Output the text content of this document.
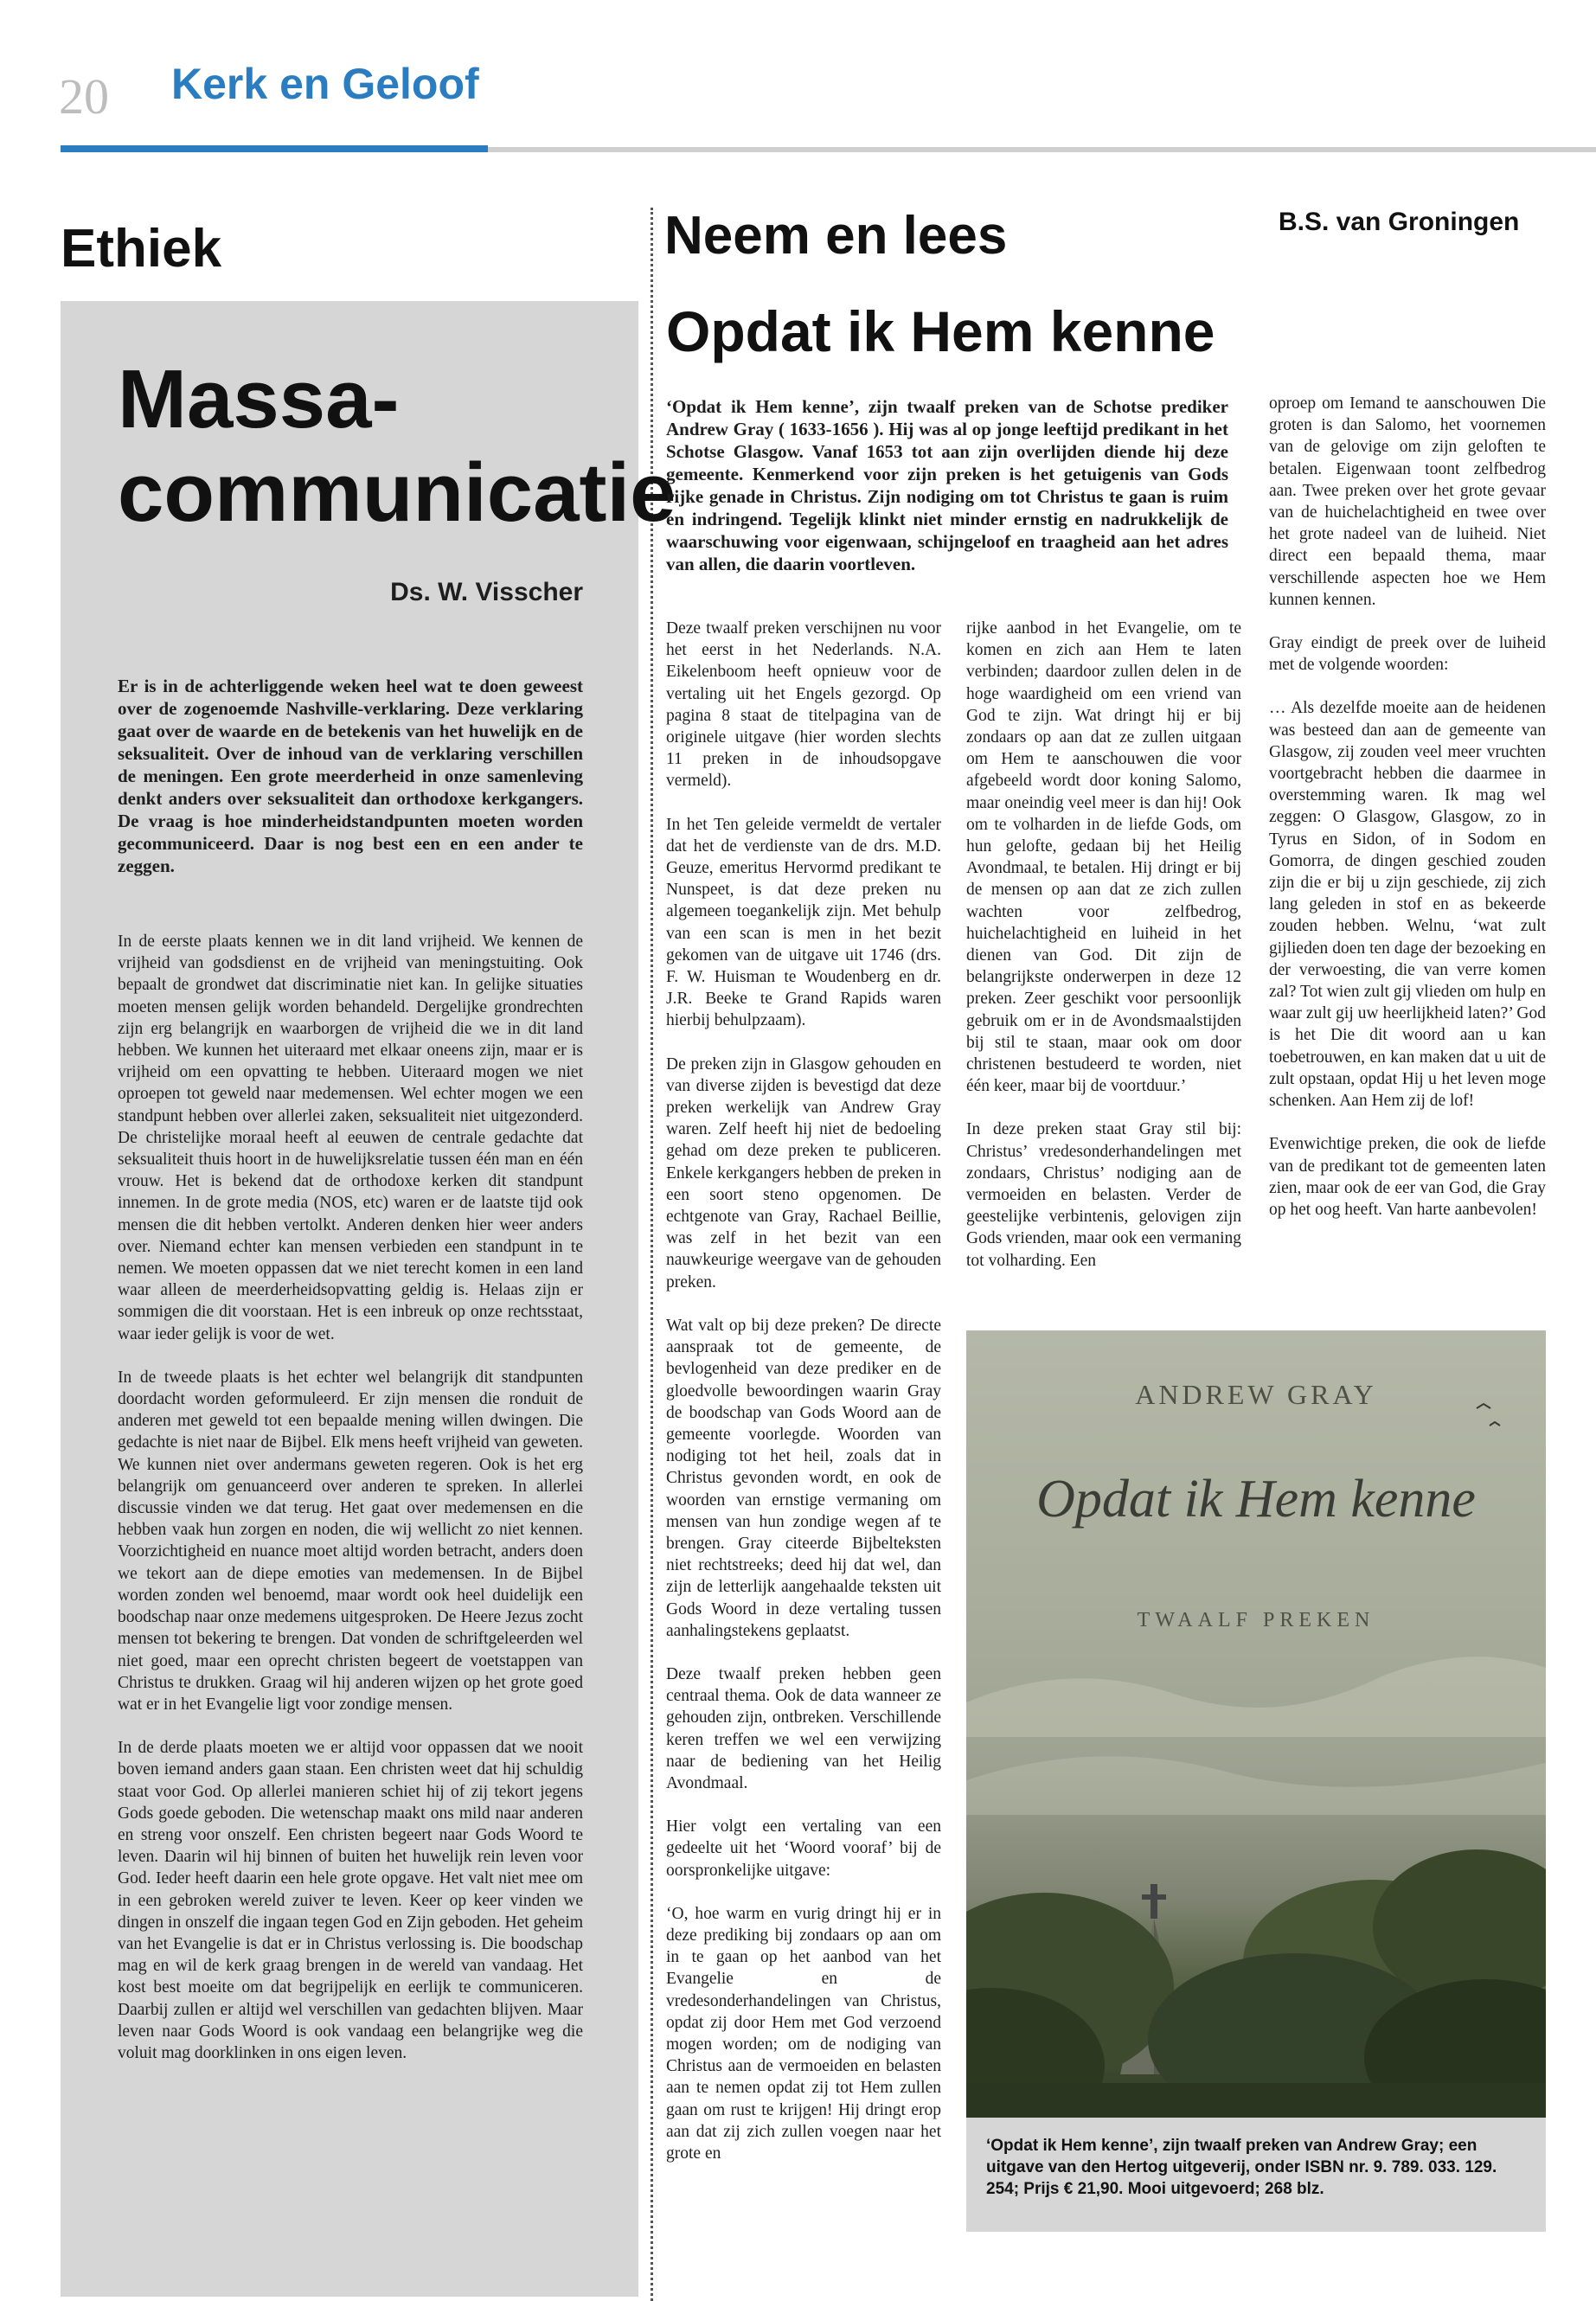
20 Kerk en Geloof
Ethiek
Massa-
communicatie
Ds. W. Visscher
Er is in de achterliggende weken heel wat te doen geweest over de zogenoemde Nashville-verklaring. Deze verklaring gaat over de waarde en de betekenis van het huwelijk en de seksualiteit. Over de inhoud van de verklaring verschillen de meningen. Een grote meerderheid in onze samenleving denkt anders over seksualiteit dan orthodoxe kerkgangers. De vraag is hoe minderheidstandpunten moeten worden gecommuniceerd. Daar is nog best een en een ander te zeggen.

In de eerste plaats kennen we in dit land vrijheid. We kennen de vrijheid van godsdienst en de vrijheid van meningstuiting. Ook bepaalt de grondwet dat discriminatie niet kan. In gelijke situaties moeten mensen gelijk worden behandeld. Dergelijke grondrechten zijn erg belangrijk en waarborgen de vrijheid die we in dit land hebben. We kunnen het uiteraard met elkaar oneens zijn, maar er is vrijheid om een opvatting te hebben. Uiteraard mogen we niet oproepen tot geweld naar medemensen. Wel echter mogen we een standpunt hebben over allerlei zaken, seksualiteit niet uitgezonderd. De christelijke moraal heeft al eeuwen de centrale gedachte dat seksualiteit thuis hoort in de huwelijksrelatie tussen één man en één vrouw. Het is bekend dat de orthodoxe kerken dit standpunt innemen. In de grote media (NOS, etc) waren er de laatste tijd ook mensen die dit hebben vertolkt. Anderen denken hier weer anders over. Niemand echter kan mensen verbieden een standpunt in te nemen. We moeten oppassen dat we niet terecht komen in een land waar alleen de meerderheidsopvatting geldig is. Helaas zijn er sommigen die dit voorstaan. Het is een inbreuk op onze rechtsstaat, waar ieder gelijk is voor de wet.

In de tweede plaats is het echter wel belangrijk dit standpunten doordacht worden geformuleerd. Er zijn mensen die ronduit de anderen met geweld tot een bepaalde mening willen dwingen. Die gedachte is niet naar de Bijbel. Elk mens heeft vrijheid van geweten. We kunnen niet over andermans geweten regeren. Ook is het erg belangrijk om genuanceerd over anderen te spreken. In allerlei discussie vinden we dat terug. Het gaat over medemensen en die hebben vaak hun zorgen en noden, die wij wellicht zo niet kennen. Voorzichtigheid en nuance moet altijd worden betracht, anders doen we tekort aan de diepe emoties van medemensen. In de Bijbel worden zonden wel benoemd, maar wordt ook heel duidelijk een boodschap naar onze medemens uitgesproken. De Heere Jezus zocht mensen tot bekering te brengen. Dat vonden de schriftgeleerden wel niet goed, maar een oprecht christen begeert de voetstappen van Christus te drukken. Graag wil hij anderen wijzen op het grote goed wat er in het Evangelie ligt voor zondige mensen.

In de derde plaats moeten we er altijd voor oppassen dat we nooit boven iemand anders gaan staan. Een christen weet dat hij schuldig staat voor God. Op allerlei manieren schiet hij of zij tekort jegens Gods goede geboden. Die wetenschap maakt ons mild naar anderen en streng voor onszelf. Een christen begeert naar Gods Woord te leven. Daarin wil hij binnen of buiten het huwelijk rein leven voor God. Ieder heeft daarin een hele grote opgave. Het valt niet mee om in een gebroken wereld zuiver te leven. Keer op keer vinden we dingen in onszelf die ingaan tegen God en Zijn geboden. Het geheim van het Evangelie is dat er in Christus verlossing is. Die boodschap mag en wil de kerk graag brengen in de wereld van vandaag. Het kost best moeite om dat begrijpelijk en eerlijk te communiceren. Daarbij zullen er altijd wel verschillen van gedachten blijven. Maar leven naar Gods Woord is ook vandaag een belangrijke weg die voluit mag doorklinken in ons eigen leven.

Neem en lees	B.S. van Groningen
Opdat ik Hem kenne
‘Opdat ik Hem kenne’, zijn twaalf preken van de Schotse prediker Andrew Gray ( 1633-1656 ). Hij was al op jonge leeftijd predikant in het Schotse Glasgow. Vanaf 1653 tot aan zijn overlijden diende hij deze gemeente. Kenmerkend voor zijn preken is het getuigenis van Gods rijke genade in Christus. Zijn nodiging om tot Christus te gaan is ruim en indringend. Tegelijk klinkt niet minder ernstig en nadrukkelijk de waarschuwing voor eigenwaan, schijngeloof en traagheid aan het adres van allen, die daarin voortleven.

Deze twaalf preken verschijnen nu voor het eerst in het Nederlands. N.A. Eikelenboom heeft opnieuw voor de vertaling uit het Engels gezorgd. Op pagina 8 staat de titelpagina van de originele uitgave (hier worden slechts 11 preken in de inhoudsopgave vermeld).

In het Ten geleide vermeldt de vertaler dat het de verdienste van de drs. M.D. Geuze, emeritus Hervormd predikant te Nunspeet, is dat deze preken nu algemeen toegankelijk zijn. Met behulp van een scan is men in het bezit gekomen van de uitgave uit 1746 (drs. F. W. Huisman te Woudenberg en dr. J.R. Beeke te Grand Rapids waren hierbij behulpzaam).

De preken zijn in Glasgow gehouden en van diverse zijden is bevestigd dat deze preken werkelijk van Andrew Gray waren. Zelf heeft hij niet de bedoeling gehad om deze preken te publiceren. Enkele kerkgangers hebben de preken in een soort steno opgenomen. De echtgenote van Gray, Rachael Beillie, was zelf in het bezit van een nauwkeurige weergave van de gehouden preken.

Wat valt op bij deze preken? De directe aanspraak tot de gemeente, de bevlogenheid van deze prediker en de gloedvolle bewoordingen waarin Gray de boodschap van Gods Woord aan de gemeente voorlegde. Woorden van nodiging tot het heil, zoals dat in Christus gevonden wordt, en ook de woorden van ernstige vermaning om mensen van hun zondige wegen af te brengen. Gray citeerde Bijbelteksten niet rechtstreeks; deed hij dat wel, dan zijn de letterlijk aangehaalde teksten uit Gods Woord in deze vertaling tussen aanhalingstekens geplaatst.

Deze twaalf preken hebben geen centraal thema. Ook de data wanneer ze gehouden zijn, ontbreken. Verschillende keren treffen we wel een verwijzing naar de bediening van het Heilig Avondmaal.

Hier volgt een vertaling van een gedeelte uit het ‘Woord vooraf’ bij de oorspronkelijke uitgave:

‘O, hoe warm en vurig dringt hij er in deze prediking bij zondaars op aan om in te gaan op het aanbod van het Evangelie en de vredesonderhandelingen van Christus, opdat zij door Hem met God verzoend mogen worden; om de nodiging van Christus aan de vermoeiden en belasten aan te nemen opdat zij tot Hem zullen gaan om rust te krijgen! Hij dringt erop aan dat zij zich zullen voegen naar het grote en

rijke aanbod in het Evangelie, om te komen en zich aan Hem te laten verbinden; daardoor zullen delen in de hoge waardigheid om een vriend van God te zijn. Wat dringt hij er bij zondaars op aan dat ze zullen uitgaan om Hem te aanschouwen die voor afgebeeld wordt door koning Salomo, maar oneindig veel meer is dan hij! Ook om te volharden in de liefde Gods, om hun gelofte, gedaan bij het Heilig Avondmaal, te betalen. Hij dringt er bij de mensen op aan dat ze zich zullen wachten voor zelfbedrog, huichelachtigheid en luiheid in het dienen van God. Dit zijn de belangrijkste onderwerpen in deze 12 preken. Zeer geschikt voor persoonlijk gebruik om er in de Avondsmaalstijden bij stil te staan, maar ook om door christenen bestudeerd te worden, niet één keer, maar bij de voortduur.’

In deze preken staat Gray stil bij: Christus’ vredesonderhandelingen met zondaars, Christus’ nodiging aan de vermoeiden en belasten. Verder de geestelijke verbintenis, gelovigen zijn Gods vrienden, maar ook een vermaning tot volharding. Een

oproep om Iemand te aanschouwen Die groten is dan Salomo, het voornemen van de gelovige om zijn geloften te betalen. Eigenwaan toont zelfbedrog aan. Twee preken over het grote gevaar van de huichelachtigheid en twee over het grote nadeel van de luiheid. Niet direct een bepaald thema, maar verschillende aspecten hoe we Hem kunnen kennen.

Gray eindigt de preek over de luiheid met de volgende woorden:

… Als dezelfde moeite aan de heidenen was besteed dan aan de gemeente van Glasgow, zij zouden veel meer vruchten voortgebracht hebben die daarmee in overstemming waren. Ik mag wel zeggen: O Glasgow, Glasgow, zo in Tyrus en Sidon, of in Sodom en Gomorra, de dingen geschied zouden zijn die er bij u zijn geschiede, zij zich lang geleden in stof en as bekeerde zouden hebben. Welnu, ‘wat zult gijlieden doen ten dage der bezoeking en der verwoesting, die van verre komen zal? Tot wien zult gij vlieden om hulp en waar zult gij uw heerlijkheid laten?’ God is het Die dit woord aan u kan toebetrouwen, en kan maken dat u uit de zult opstaan, opdat Hij u het leven moge schenken. Aan Hem zij de lof!

Evenwichtige preken, die ook de liefde van de predikant tot de gemeenten laten zien, maar ook de eer van God, die Gray op het oog heeft. Van harte aanbevolen!

ANDREW GRAY
Opdat ik Hem kenne
TWAALF PREKEN
‘Opdat ik Hem kenne’, zijn twaalf preken van Andrew Gray; een uitgave van den Hertog uitgeverij, onder ISBN nr. 9. 789. 033. 129. 254; Prijs € 21,90. Mooi uitgevoerd; 268 blz.
